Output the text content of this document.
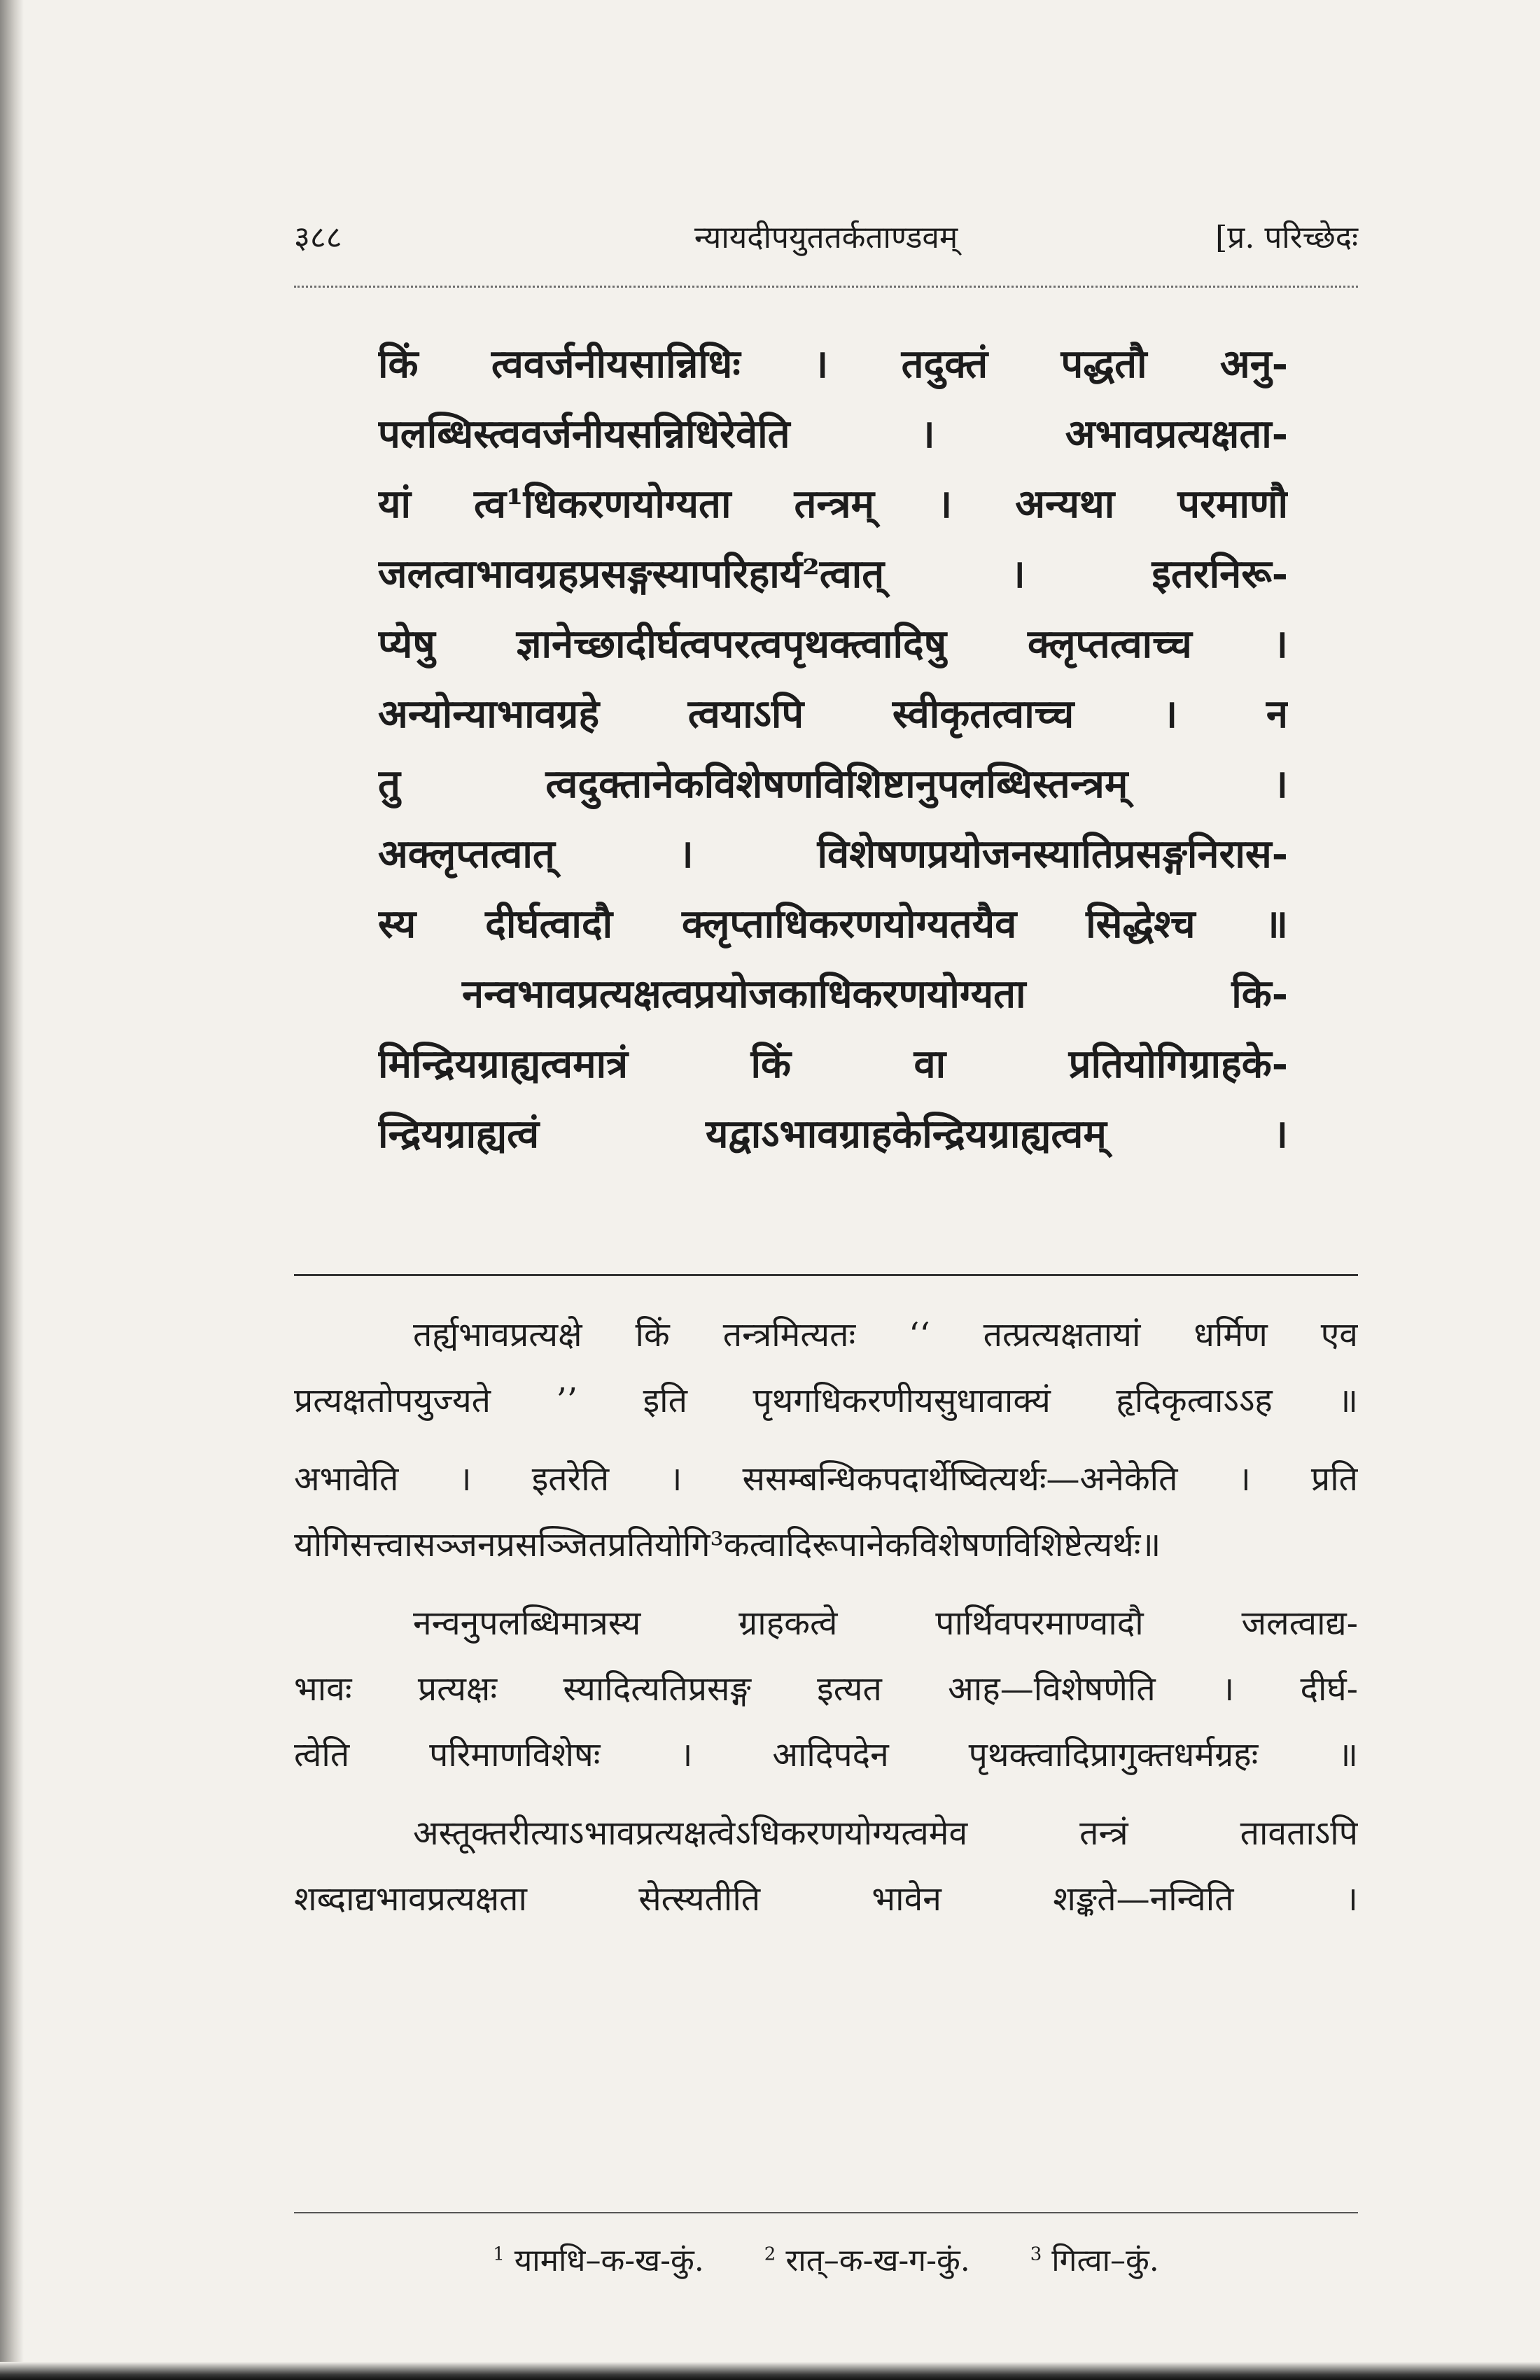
३८८	न्यायदीपयुततर्कताण्डवम्	[प्र. परिच्छेदः
किं त्ववर्जनीयसान्निधिः । तदुक्तं पद्धतौ अनु-
पलब्धिस्त्ववर्जनीयसन्निधिरेवेति । अभावप्रत्यक्षता-
यां त्व¹धिकरणयोग्यता तन्त्रम् । अन्यथा परमाणौ
जलत्वाभावग्रहप्रसङ्गस्यापरिहार्य²त्वात् । इतरनिरू-
प्येषु ज्ञानेच्छादीर्घत्वपरत्वपृथक्त्वादिषु क्लृप्तत्वाच्च ।
अन्योन्याभावग्रहे त्वयाऽपि स्वीकृतत्वाच्च । न
तु त्वदुक्तानेकविशेषणविशिष्टानुपलब्धिस्तन्त्रम् ।
अक्लृप्तत्वात् । विशेषणप्रयोजनस्यातिप्रसङ्गनिरास-
स्य दीर्घत्वादौ क्लृप्ताधिकरणयोग्यतयैव सिद्धेश्च ॥
नन्वभावप्रत्यक्षत्वप्रयोजकाधिकरणयोग्यता कि-
मिन्द्रियग्राह्यत्वमात्रं किं वा प्रतियोगिग्राहके-
न्द्रियग्राह्यत्वं यद्वाऽभावग्राहकेन्द्रियग्राह्यत्वम् ।
तर्ह्यभावप्रत्यक्षे किं तन्त्रमित्यतः ‘‘ तत्प्रत्यक्षतायां धर्मिण एव
प्रत्यक्षतोपयुज्यते ’’ इति पृथगधिकरणीयसुधावाक्यं हृदिकृत्वाऽऽह ॥
अभावेति । इतरेति । ससम्बन्धिकपदार्थेष्वित्यर्थः—अनेकेति । प्रति
योगिसत्त्वासञ्जनप्रसञ्जितप्रतियोगि³कत्वादिरूपानेकविशेषणविशिष्टेत्यर्थः॥
नन्वनुपलब्धिमात्रस्य ग्राहकत्वे पार्थिवपरमाण्वादौ जलत्वाद्य-
भावः प्रत्यक्षः स्यादित्यतिप्रसङ्ग इत्यत आह—विशेषणेति । दीर्घ-
त्वेति परिमाणविशेषः । आदिपदेन पृथक्त्वादिप्रागुक्तधर्मग्रहः ॥
अस्तूक्तरीत्याऽभावप्रत्यक्षत्वेऽधिकरणयोग्यत्वमेव तन्त्रं तावताऽपि
शब्दाद्यभावप्रत्यक्षता सेत्स्यतीति भावेन शङ्कते—नन्विति ।
$^1$ यामधि–क-ख-कुं.	$^2$ रात्–क-ख-ग-कुं.	$^3$ गित्वा–कुं.
